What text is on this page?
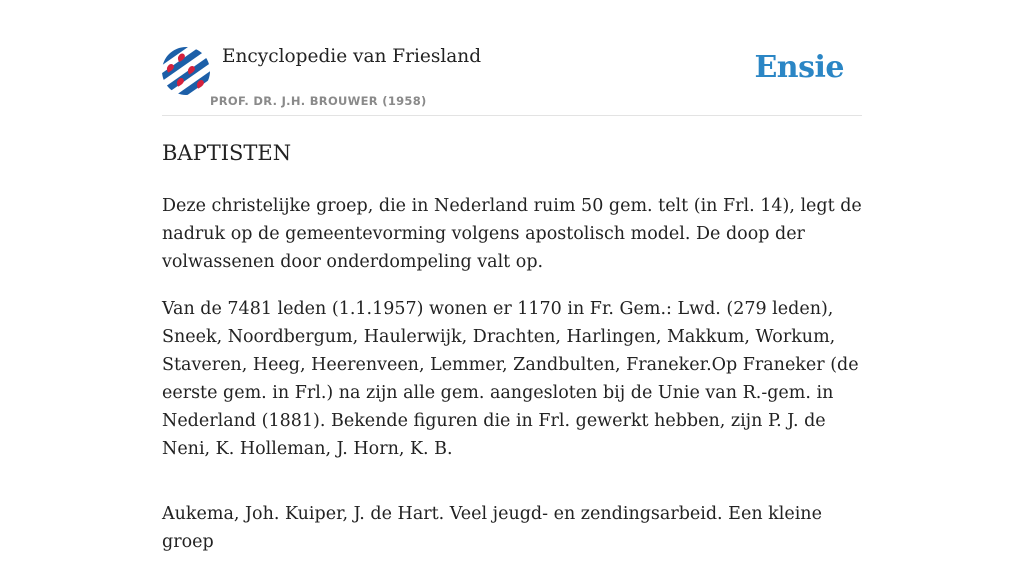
Encyclopedie van Friesland
PROF. DR. J.H. BROUWER (1958)
Ensie
BAPTISTEN

Deze christelijke groep, die in Nederland ruim 50 gem. telt (in Frl. 14), legt de nadruk op de gemeentevorming volgens apostolisch model. De doop der volwassenen door onderdompeling valt op.

Van de 7481 leden (1.1.1957) wonen er 1170 in Fr. Gem.: Lwd. (279 leden), Sneek, Noordbergum, Haulerwijk, Drachten, Harlingen, Makkum, Workum, Staveren, Heeg, Heerenveen, Lemmer, Zandbulten, Franeker.Op Franeker (de eerste gem. in Frl.) na zijn alle gem. aangesloten bij de Unie van R.-gem. in Nederland (1881). Bekende figuren die in Frl. gewerkt hebben, zijn P. J. de Neni, K. Holleman, J. Horn, K. B.

Aukema, Joh. Kuiper, J. de Hart. Veel jeugd- en zendingsarbeid. Een kleine groep
